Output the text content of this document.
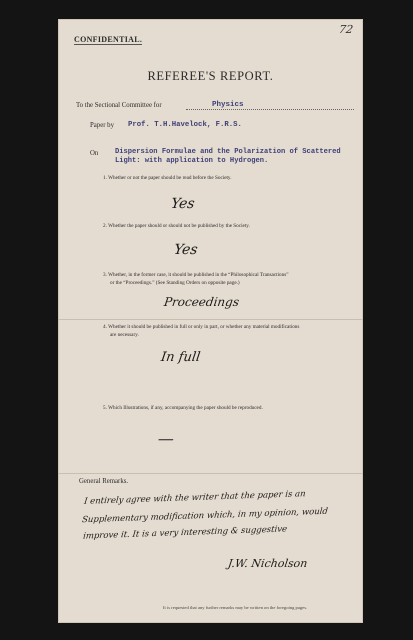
72
CONFIDENTIAL.
REFEREE'S REPORT.
To the Sectional Committee for	Physics
Paper by Prof. T.H.Havelock, F.R.S.
On Dispersion Formulae and the Polarization of Scattered
Light: with application to Hydrogen.
1. Whether or not the paper should be read before the Society.
Yes
2. Whether the paper should or should not be published by the Society.
Yes
3. Whether, in the former case, it should be published in the “Philosophical Transactions”
or the “Proceedings.” (See Standing Orders on opposite page.)
Proceedings
4. Whether it should be published in full or only in part, or whether any material modifications
are necessary.
In full
5. Which Illustrations, if any, accompanying the paper should be reproduced.
—
General Remarks.
I entirely agree with the writer that the paper is an
Supplementary modification which, in my opinion, would
improve it. It is a very interesting & suggestive
J.W. Nicholson
It is requested that any further remarks may be written on the foregoing pages.
